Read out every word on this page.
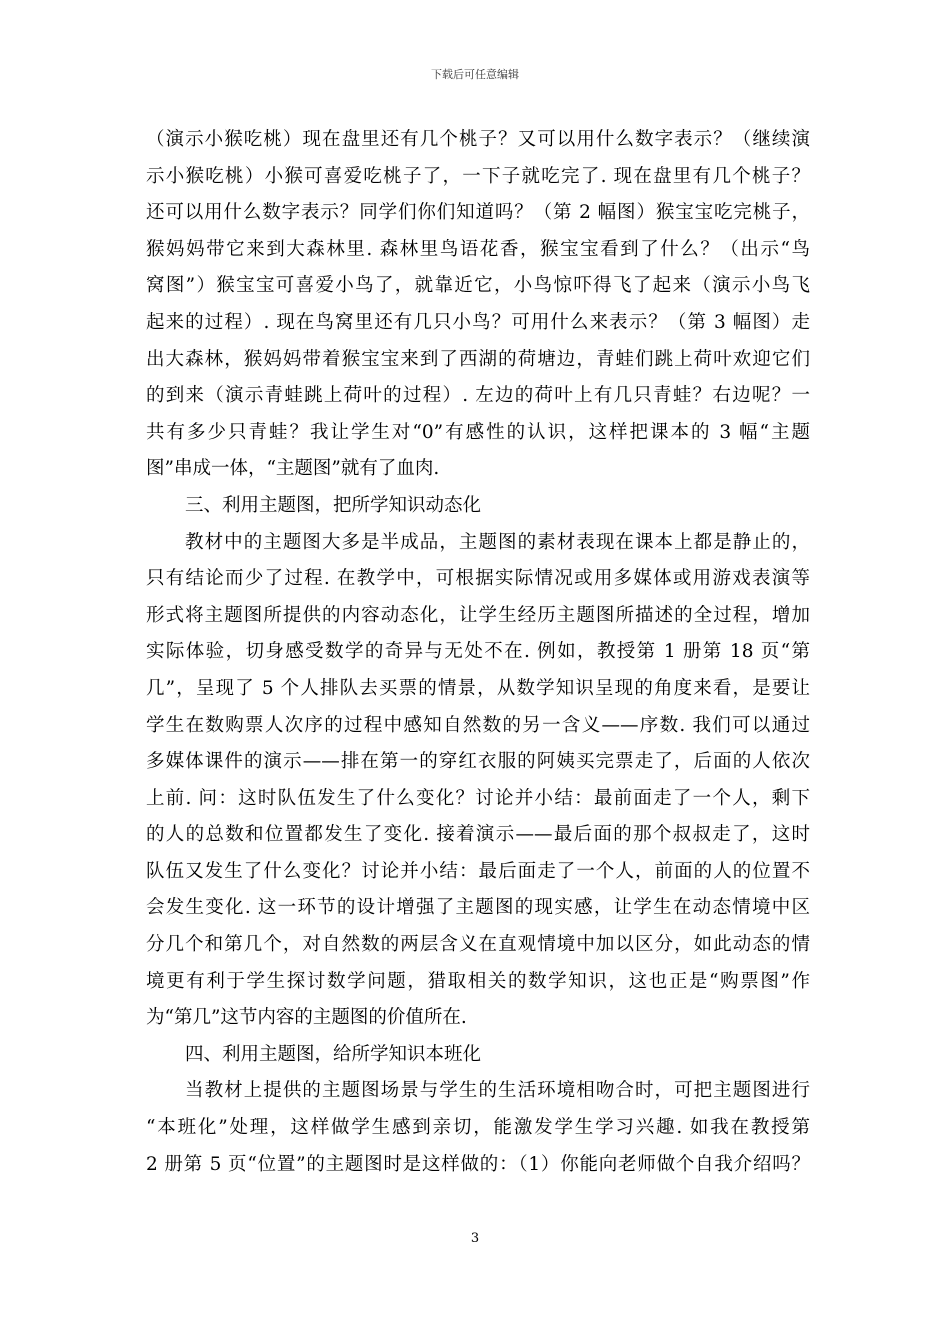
下载后可任意编辑
（演示小猴吃桃）现在盘里还有几个桃子？又可以用什么数字表示？（继续演
示小猴吃桃）小猴可喜爱吃桃子了，一下子就吃完了. 现在盘里有几个桃子？
还可以用什么数字表示？同学们你们知道吗？（第 2 幅图）猴宝宝吃完桃子，
猴妈妈带它来到大森林里. 森林里鸟语花香，猴宝宝看到了什么？（出示“鸟
窝图”）猴宝宝可喜爱小鸟了，就靠近它，小鸟惊吓得飞了起来（演示小鸟飞
起来的过程）. 现在鸟窝里还有几只小鸟？可用什么来表示？（第 3 幅图）走
出大森林，猴妈妈带着猴宝宝来到了西湖的荷塘边，青蛙们跳上荷叶欢迎它们
的到来（演示青蛙跳上荷叶的过程）. 左边的荷叶上有几只青蛙？右边呢？一
共有多少只青蛙？我让学生对“0”有感性的认识，这样把课本的 3 幅“主题
图”串成一体，“主题图”就有了血肉.
三、利用主题图，把所学知识动态化
教材中的主题图大多是半成品，主题图的素材表现在课本上都是静止的，
只有结论而少了过程. 在教学中，可根据实际情况或用多媒体或用游戏表演等
形式将主题图所提供的内容动态化，让学生经历主题图所描述的全过程，增加
实际体验，切身感受数学的奇异与无处不在. 例如，教授第 1 册第 18 页“第
几”，呈现了 5 个人排队去买票的情景，从数学知识呈现的角度来看，是要让
学生在数购票人次序的过程中感知自然数的另一含义——序数. 我们可以通过
多媒体课件的演示——排在第一的穿红衣服的阿姨买完票走了，后面的人依次
上前. 问：这时队伍发生了什么变化？讨论并小结：最前面走了一个人，剩下
的人的总数和位置都发生了变化. 接着演示——最后面的那个叔叔走了，这时
队伍又发生了什么变化？讨论并小结：最后面走了一个人，前面的人的位置不
会发生变化. 这一环节的设计增强了主题图的现实感，让学生在动态情境中区
分几个和第几个，对自然数的两层含义在直观情境中加以区分，如此动态的情
境更有利于学生探讨数学问题，猎取相关的数学知识，这也正是“购票图”作
为“第几”这节内容的主题图的价值所在.
四、利用主题图，给所学知识本班化
当教材上提供的主题图场景与学生的生活环境相吻合时，可把主题图进行
“本班化”处理，这样做学生感到亲切，能激发学生学习兴趣. 如我在教授第
2 册第 5 页“位置”的主题图时是这样做的：（1）你能向老师做个自我介绍吗？
3
